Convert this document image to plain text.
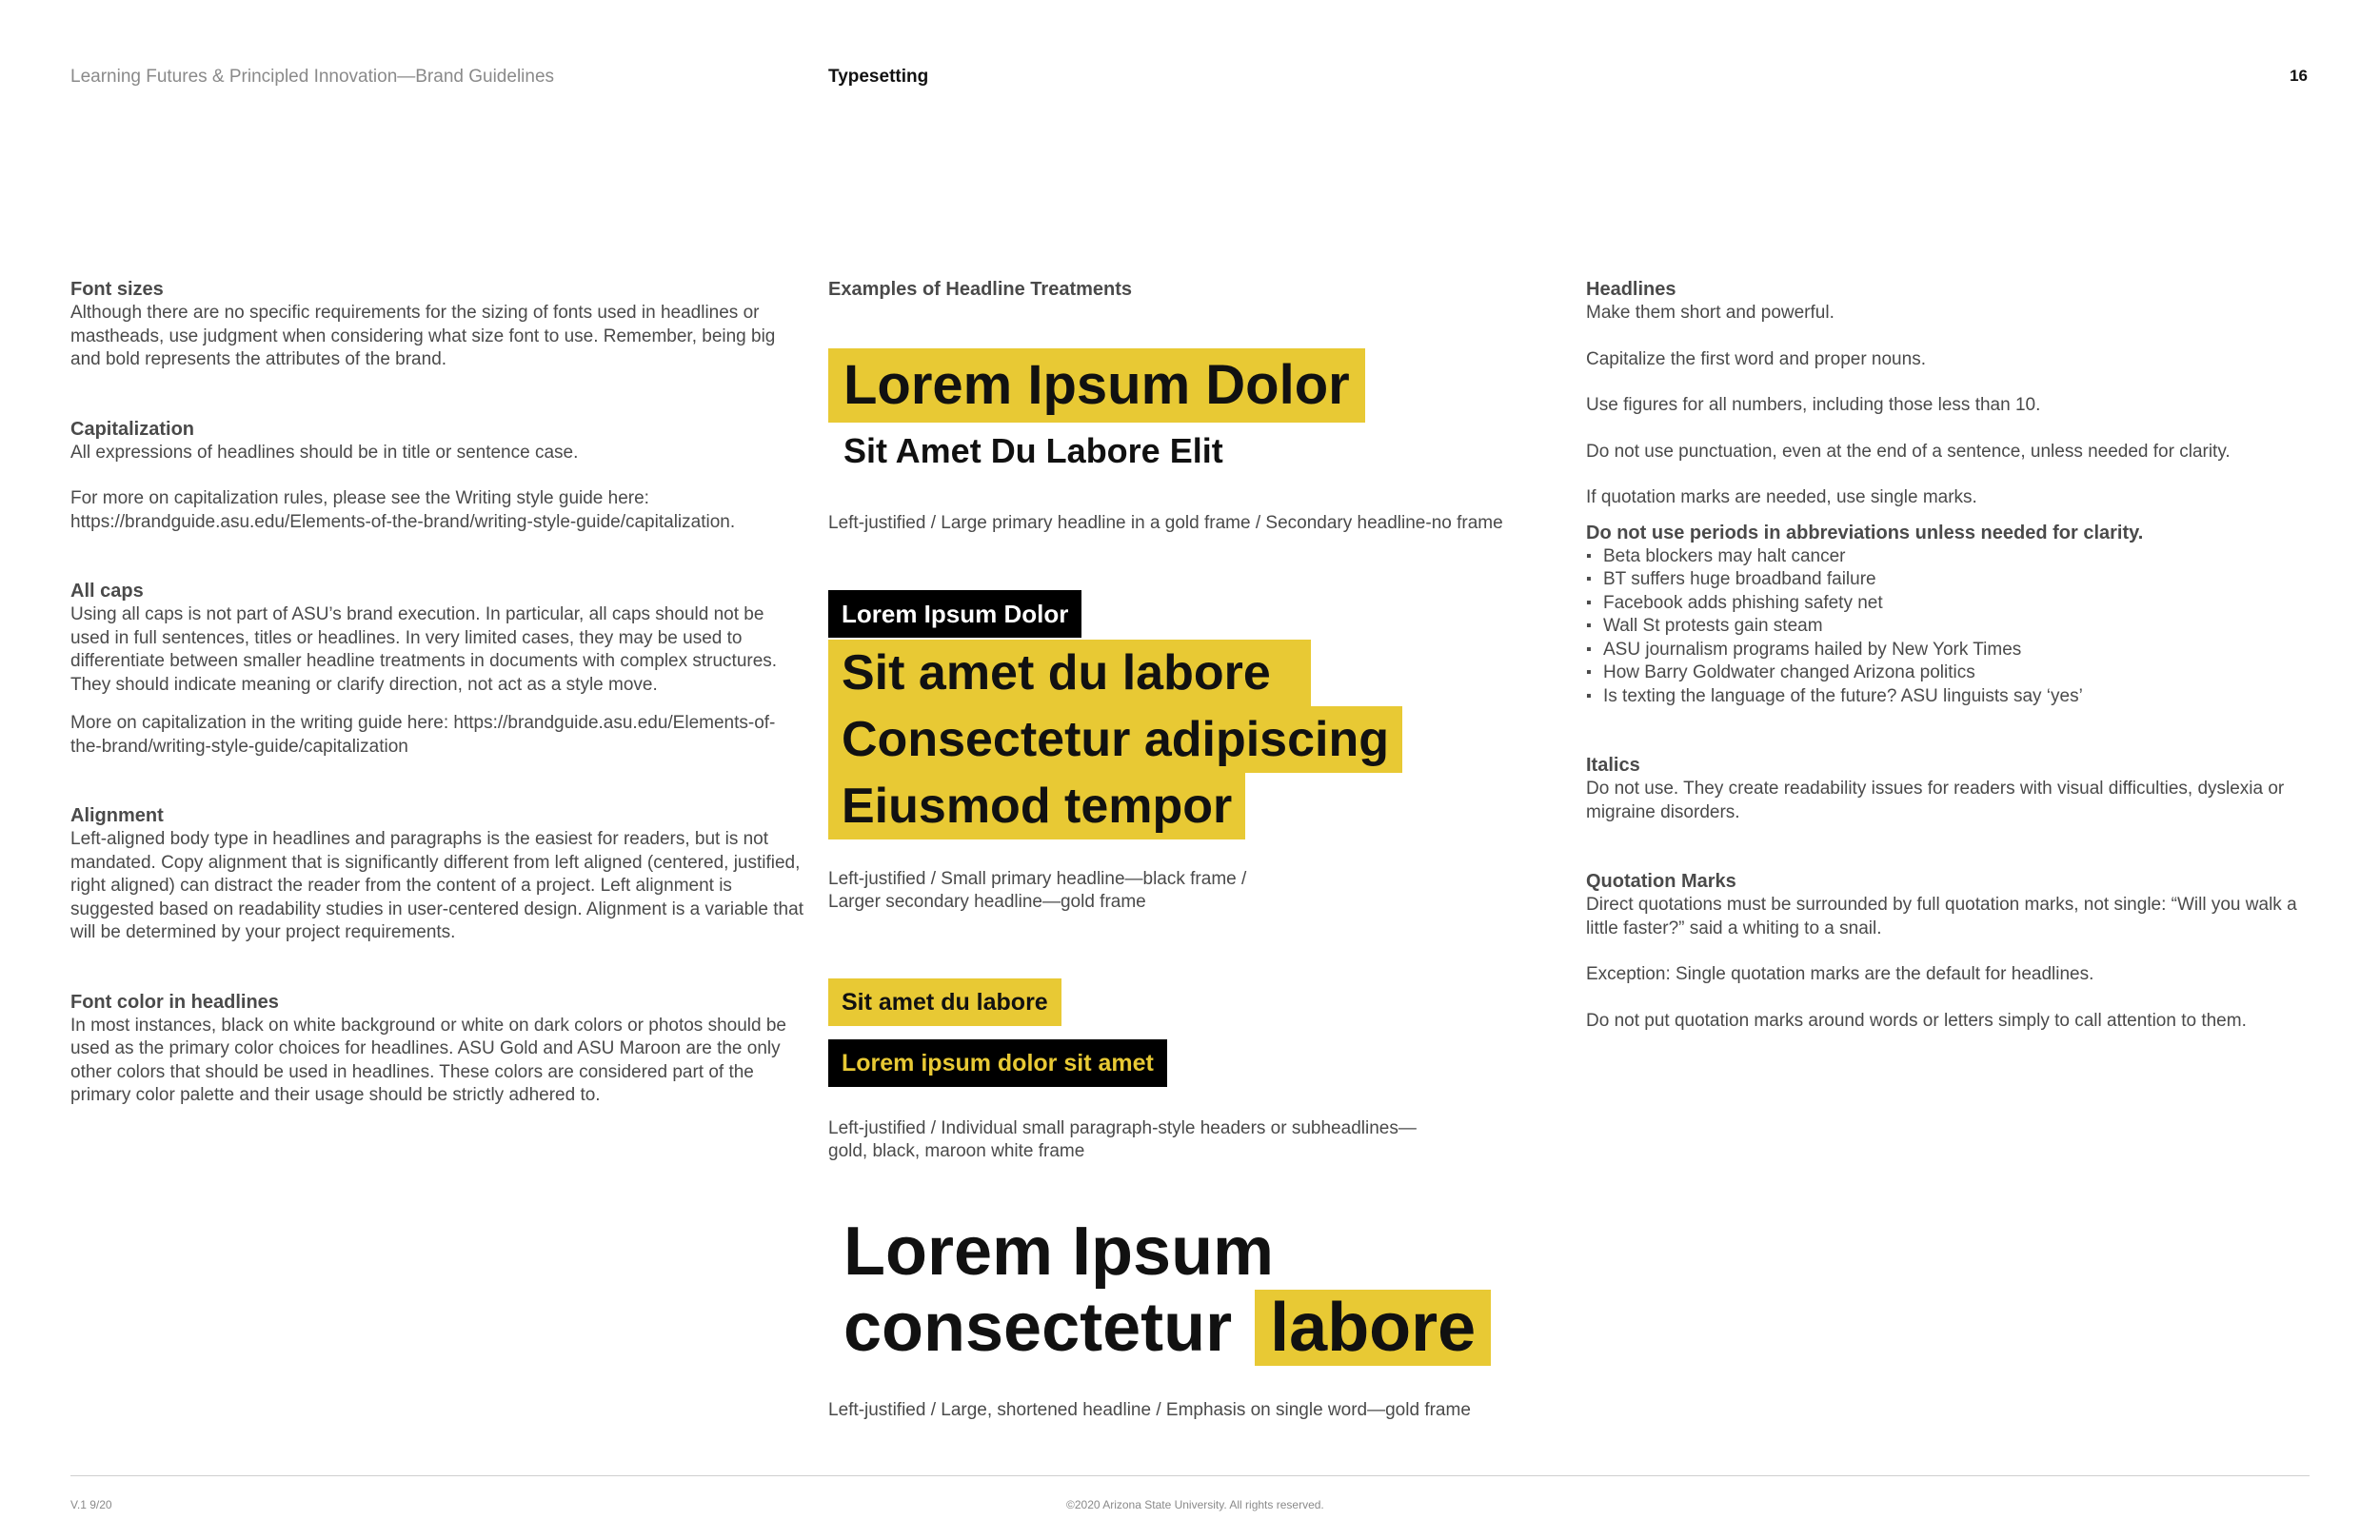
Learning Futures & Principled Innovation—Brand Guidelines	Typesetting	16

Font sizes

Although there are no specific requirements for the sizing of fonts used in headlines or mastheads, use judgment when considering what size font to use. Remember, being big and bold represents the attributes of the brand.

Capitalization

All expressions of headlines should be in title or sentence case.

For more on capitalization rules, please see the Writing style guide here: https://brandguide.asu.edu/Elements-of-the-brand/writing-style-guide/capitalization.

All caps

Using all caps is not part of ASU’s brand execution. In particular, all caps should not be used in full sentences, titles or headlines. In very limited cases, they may be used to differentiate between smaller headline treatments in documents with complex structures. They should indicate meaning or clarify direction, not act as a style move.

More on capitalization in the writing guide here: https://brandguide.asu.edu/Elements-of-the-brand/writing-style-guide/capitalization

Alignment

Left-aligned body type in headlines and paragraphs is the easiest for readers, but is not mandated. Copy alignment that is significantly different from left aligned (centered, justified, right aligned) can distract the reader from the content of a project. Left alignment is suggested based on readability studies in user-centered design. Alignment is a variable that will be determined by your project requirements.

Font color in headlines

In most instances, black on white background or white on dark colors or photos should be used as the primary color choices for headlines. ASU Gold and ASU Maroon are the only other colors that should be used in headlines. These colors are considered part of the primary color palette and their usage should be strictly adhered to.

Examples of Headline Treatments

Lorem Ipsum Dolor
Sit Amet Du Labore Elit
Left-justified / Large primary headline in a gold frame / Secondary headline-no frame
Lorem Ipsum Dolor
Sit amet du labore
Consectetur adipiscing
Eiusmod tempor
Left-justified / Small primary headline—black frame /
Larger secondary headline—gold frame
Sit amet du labore
Lorem ipsum dolor sit amet
Left-justified / Individual small paragraph-style headers or subheadlines—
gold, black, maroon white frame
Lorem Ipsum
consectetur labore
Left-justified / Large, shortened headline / Emphasis on single word—gold frame

Headlines

Make them short and powerful.

Capitalize the first word and proper nouns.

Use figures for all numbers, including those less than 10.

Do not use punctuation, even at the end of a sentence, unless needed for clarity.

If quotation marks are needed, use single marks.

Do not use periods in abbreviations unless needed for clarity.

▪ Beta blockers may halt cancer
▪ BT suffers huge broadband failure
▪ Facebook adds phishing safety net
▪ Wall St protests gain steam
▪ ASU journalism programs hailed by New York Times
▪ How Barry Goldwater changed Arizona politics
▪ Is texting the language of the future? ASU linguists say ‘yes’

Italics

Do not use. They create readability issues for readers with visual difficulties, dyslexia or migraine disorders.

Quotation Marks

Direct quotations must be surrounded by full quotation marks, not single: “Will you walk a little faster?” said a whiting to a snail.

Exception: Single quotation marks are the default for headlines.

Do not put quotation marks around words or letters simply to call attention to them.

V.1 9/20	©2020 Arizona State University. All rights reserved.
